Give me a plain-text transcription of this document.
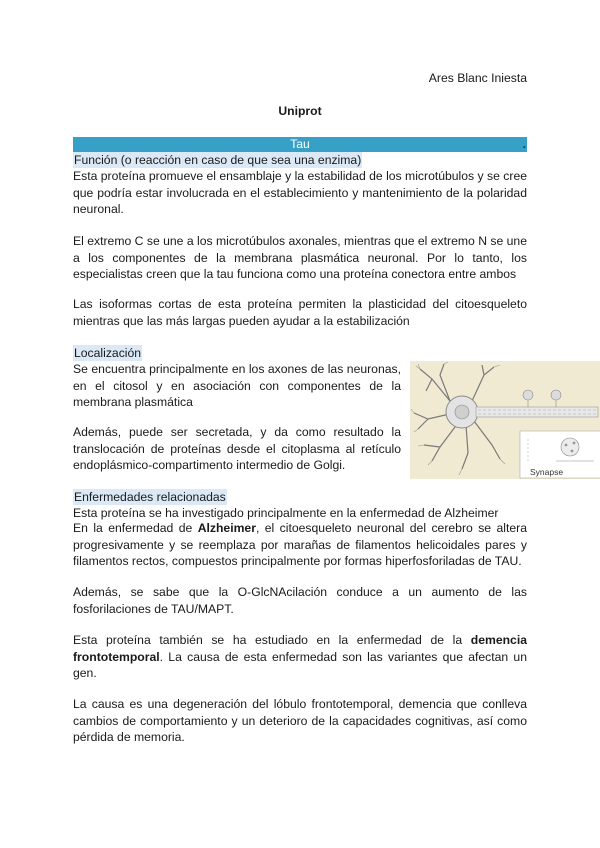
Ares Blanc Iniesta
Uniprot
Tau	.
Función (o reacción en caso de que sea una enzima)

Esta proteína promueve el ensamblaje y la estabilidad de los microtúbulos y se cree que podría estar involucrada en el establecimiento y mantenimiento de la polaridad neuronal.

El extremo C se une a los microtúbulos axonales, mientras que el extremo N se une a los componentes de la membrana plasmática neuronal. Por lo tanto, los especialistas creen que la tau funciona como una proteína conectora entre ambos

Las isoformas cortas de esta proteína permiten la plasticidad del citoesqueleto mientras que las más largas pueden ayudar a la estabilización

Localización

Se encuentra principalmente en los axones de las neuronas, en el citosol y en asociación con componentes de la membrana plasmática

Además, puede ser secretada, y da como resultado la translocación de proteínas desde el citoplasma al retículo endoplásmico-compartimento intermedio de Golgi.	Synapse
Enfermedades relacionadas

Esta proteína se ha investigado principalmente en la enfermedad de Alzheimer

En la enfermedad de Alzheimer, el citoesqueleto neuronal del cerebro se altera progresivamente y se reemplaza por marañas de filamentos helicoidales pares y filamentos rectos, compuestos principalmente por formas hiperfosforiladas de TAU.

Además, se sabe que la O-GlcNAcilación conduce a un aumento de las fosforilaciones de TAU/MAPT.

Esta proteína también se ha estudiado en la enfermedad de la demencia frontotemporal. La causa de esta enfermedad son las variantes que afectan un gen.

La causa es una degeneración del lóbulo frontotemporal, demencia que conlleva cambios de comportamiento y un deterioro de la capacidades cognitivas, así como pérdida de memoria.
